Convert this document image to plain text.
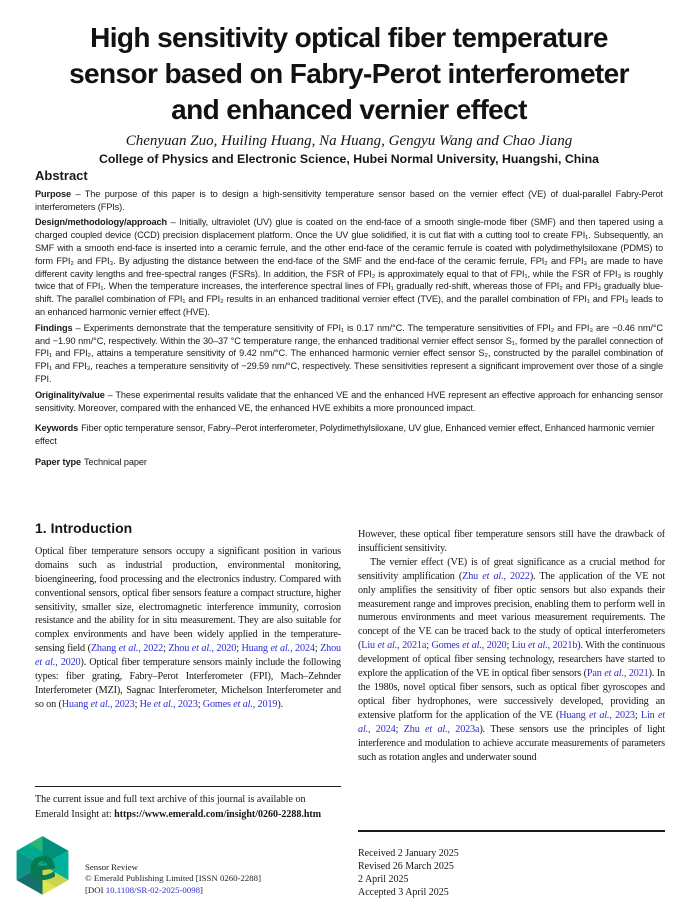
High sensitivity optical fiber temperature
sensor based on Fabry-Perot interferometer
and enhanced vernier effect
Chenyuan Zuo, Huiling Huang, Na Huang, Gengyu Wang and Chao Jiang
College of Physics and Electronic Science, Hubei Normal University, Huangshi, China
Abstract

Purpose – The purpose of this paper is to design a high-sensitivity temperature sensor based on the vernier effect (VE) of dual-parallel Fabry-Perot interferometers (FPIs).

Design/methodology/approach – Initially, ultraviolet (UV) glue is coated on the end-face of a smooth single-mode fiber (SMF) and then tapered using a charged coupled device (CCD) precision displacement platform. Once the UV glue solidified, it is cut flat with a cutting tool to create FPI₁. Subsequently, an SMF with a smooth end-face is inserted into a ceramic ferrule, and the other end-face of the ceramic ferrule is coated with polydimethylsiloxane (PDMS) to form FPI₂ and FPI₃. By adjusting the distance between the end-face of the SMF and the end-face of the ceramic ferrule, FPI₂ and FPI₃ are made to have different cavity lengths and free-spectral ranges (FSRs). In addition, the FSR of FPI₂ is approximately equal to that of FPI₁, while the FSR of FPI₃ is roughly twice that of FPI₁. When the temperature increases, the interference spectral lines of FPI₁ gradually red-shift, whereas those of FPI₂ and FPI₃ gradually blue-shift. The parallel combination of FPI₁ and FPI₂ results in an enhanced traditional vernier effect (TVE), and the parallel combination of FPI₁ and FPI₃ leads to an enhanced harmonic vernier effect (HVE).

Findings – Experiments demonstrate that the temperature sensitivity of FPI₁ is 0.17 nm/°C. The temperature sensitivities of FPI₂ and FPI₃ are −0.46 nm/°C and −1.90 nm/°C, respectively. Within the 30–37 °C temperature range, the enhanced traditional vernier effect sensor S₁, formed by the parallel connection of FPI₁ and FPI₂, attains a temperature sensitivity of 9.42 nm/°C. The enhanced harmonic vernier effect sensor S₂, constructed by the parallel combination of FPI₁ and FPI₃, reaches a temperature sensitivity of −29.59 nm/°C, respectively. These sensitivities represent a significant improvement over those of a single FPI.

Originality/value – These experimental results validate that the enhanced VE and the enhanced HVE represent an effective approach for enhancing sensor sensitivity. Moreover, compared with the enhanced VE, the enhanced HVE exhibits a more pronounced impact.

Keywords Fiber optic temperature sensor, Fabry–Perot interferometer, Polydimethylsiloxane, UV glue, Enhanced vernier effect, Enhanced harmonic vernier effect

Paper type Technical paper

1. Introduction

Optical fiber temperature sensors occupy a significant position in various domains such as industrial production, environmental monitoring, bioengineering, food processing and the electronics industry. Compared with conventional sensors, optical fiber sensors feature a compact structure, higher sensitivity, smaller size, electromagnetic interference immunity, corrosion resistance and the ability for in situ measurement. They are also suitable for complex environments and have been widely applied in the temperature-sensing field (Zhang et al., 2022; Zhou et al., 2020; Huang et al., 2024; Zhou et al., 2020). Optical fiber temperature sensors mainly include the following types: fiber grating, Fabry–Perot Interferometer (FPI), Mach–Zehnder Interferometer (MZI), Sagnac Interferometer, Michelson Interferometer and so on (Huang et al., 2023; He et al., 2023; Gomes et al., 2019).

However, these optical fiber temperature sensors still have the drawback of insufficient sensitivity.

The vernier effect (VE) is of great significance as a crucial method for sensitivity amplification (Zhu et al., 2022). The application of the VE not only amplifies the sensitivity of fiber optic sensors but also expands their measurement range and improves precision, enabling them to perform well in numerous environments and meet various measurement requirements. The concept of the VE can be traced back to the study of optical interferometers (Liu et al., 2021a; Gomes et al., 2020; Liu et al., 2021b). With the continuous development of optical fiber sensing technology, researchers have started to explore the application of the VE in optical fiber sensors (Pan et al., 2021). In the 1980s, novel optical fiber sensors, such as optical fiber gyroscopes and optical fiber hydrophones, were successively developed, providing an extensive platform for the application of the VE (Huang et al., 2023; Lin et al., 2024; Zhu et al., 2023a). These sensors use the principles of light interference and modulation to achieve accurate measurements of parameters such as rotation angles and underwater sound

The current issue and full text archive of this journal is available on Emerald Insight at: https://www.emerald.com/insight/0260-2288.htm
e	Sensor Review
© Emerald Publishing Limited [ISSN 0260-2288]
[DOI 10.1108/SR-02-2025-0098]
Received 2 January 2025
Revised 26 March 2025
2 April 2025
Accepted 3 April 2025
